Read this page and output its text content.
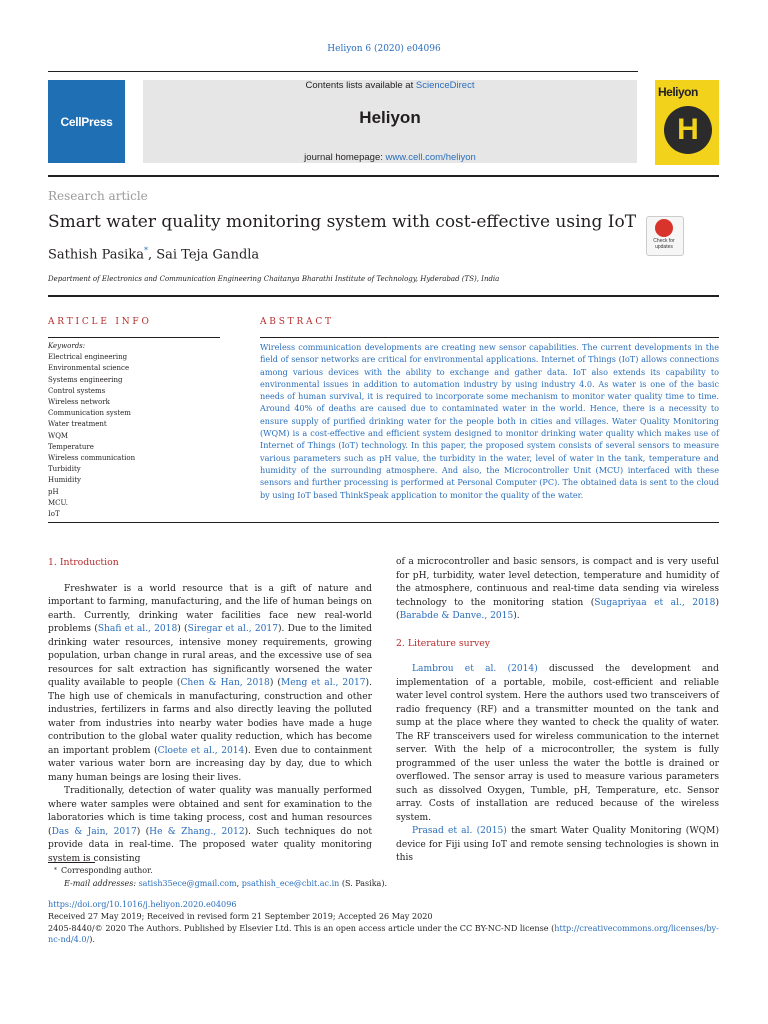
Heliyon 6 (2020) e04096
CellPress
Contents lists available at ScienceDirect
Heliyon
journal homepage: www.cell.com/heliyon
Heliyon
H
Research article
Smart water quality monitoring system with cost-effective using IoT
Check for updates
Sathish Pasika*, Sai Teja Gandla
Department of Electronics and Communication Engineering Chaitanya Bharathi Institute of Technology, Hyderabad (TS), India
ARTICLE INFO	ABSTRACT
Keywords:
Electrical engineering
Environmental science
Systems engineering
Control systems
Wireless network
Communication system
Water treatment
WQM
Temperature
Wireless communication
Turbidity
Humidity
pH
MCU.
IoT
Wireless communication developments are creating new sensor capabilities. The current developments in the field of sensor networks are critical for environmental applications. Internet of Things (IoT) allows connections among various devices with the ability to exchange and gather data. IoT also extends its capability to environmental issues in addition to automation industry by using industry 4.0. As water is one of the basic needs of human survival, it is required to incorporate some mechanism to monitor water quality time to time. Around 40% of deaths are caused due to contaminated water in the world. Hence, there is a necessity to ensure supply of purified drinking water for the people both in cities and villages. Water Quality Monitoring (WQM) is a cost-effective and efficient system designed to monitor drinking water quality which makes use of Internet of Things (IoT) technology. In this paper, the proposed system consists of several sensors to measure various parameters such as pH value, the turbidity in the water, level of water in the tank, temperature and humidity of the surrounding atmosphere. And also, the Microcontroller Unit (MCU) interfaced with these sensors and further processing is performed at Personal Computer (PC). The obtained data is sent to the cloud by using IoT based ThinkSpeak application to monitor the quality of the water.

1. Introduction

Freshwater is a world resource that is a gift of nature and important to farming, manufacturing, and the life of human beings on earth. Currently, drinking water facilities face new real-world problems (Shafi et al., 2018) (Siregar et al., 2017). Due to the limited drinking water resources, intensive money requirements, growing population, urban change in rural areas, and the excessive use of sea resources for salt extraction has significantly worsened the water quality available to people (Chen & Han, 2018) (Meng et al., 2017). The high use of chemicals in manufacturing, construction and other industries, fertilizers in farms and also directly leaving the polluted water from industries into nearby water bodies have made a huge contribution to the global water quality reduction, which has become an important problem (Cloete et al., 2014). Even due to containment water various water born are increasing day by day, due to which many human beings are losing their lives.

Traditionally, detection of water quality was manually performed where water samples were obtained and sent for examination to the laboratories which is time taking process, cost and human resources (Das & Jain, 2017) (He & Zhang., 2012). Such techniques do not provide data in real-time. The proposed water quality monitoring system is consisting

of a microcontroller and basic sensors, is compact and is very useful for pH, turbidity, water level detection, temperature and humidity of the atmosphere, continuous and real-time data sending via wireless technology to the monitoring station (Sugapriyaa et al., 2018) (Barabde & Danve., 2015).

2. Literature survey

Lambrou et al. (2014) discussed the development and implementation of a portable, mobile, cost-efficient and reliable water level control system. Here the authors used two transceivers of radio frequency (RF) and a transmitter mounted on the tank and sump at the place where they wanted to check the quality of water. The RF transceivers used for wireless communication to the internet server. With the help of a microcontroller, the system is fully programmed of the user unless the water the bottle is drained or overflowed. The sensor array is used to measure various parameters such as dissolved Oxygen, Tumble, pH, Temperature, etc. Sensor array. Costs of installation are reduced because of the wireless system.

Prasad et al. (2015) the smart Water Quality Monitoring (WQM) device for Fiji using IoT and remote sensing technologies is shown in this

* Corresponding author.
E-mail addresses: satish35ece@gmail.com, psathish_ece@cbit.ac.in (S. Pasika).
https://doi.org/10.1016/j.heliyon.2020.e04096
Received 27 May 2019; Received in revised form 21 September 2019; Accepted 26 May 2020
2405-8440/© 2020 The Authors. Published by Elsevier Ltd. This is an open access article under the CC BY-NC-ND license (http://creativecommons.org/licenses/by-nc-nd/4.0/).
